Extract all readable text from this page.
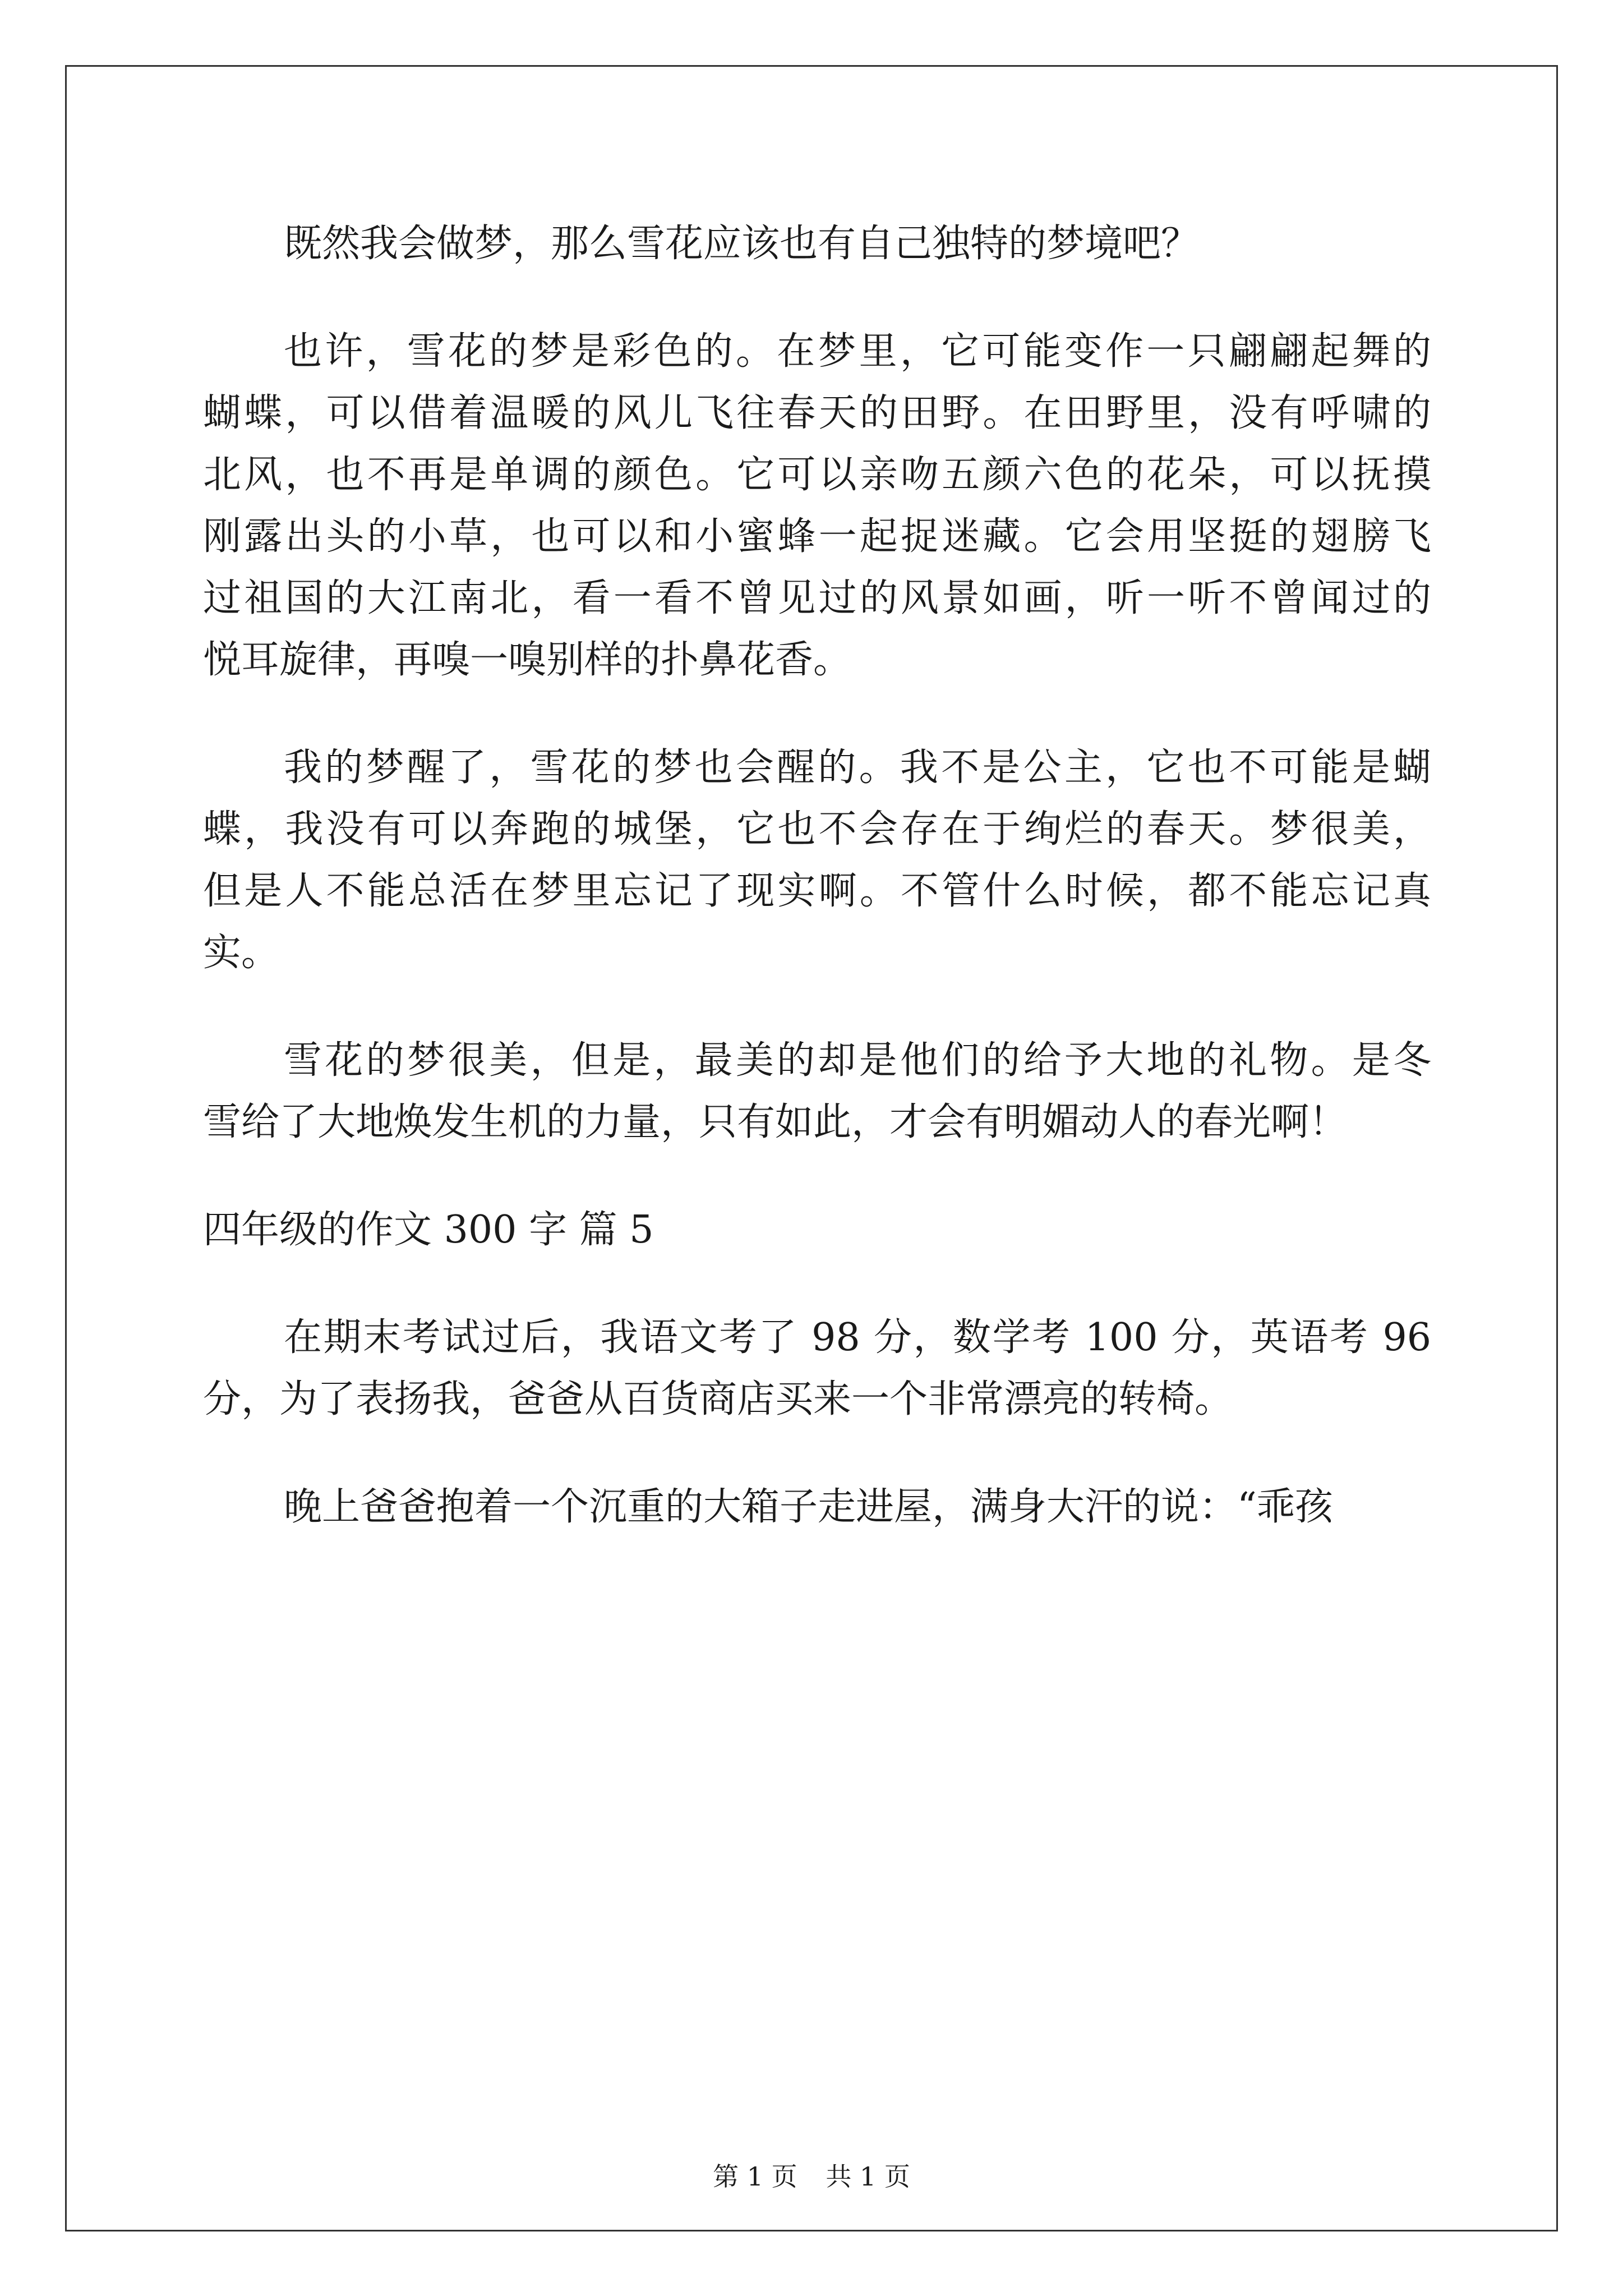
既然我会做梦，那么雪花应该也有自己独特的梦境吧？

也许，雪花的梦是彩色的。在梦里，它可能变作一只翩翩起舞的

蝴蝶，可以借着温暖的风儿飞往春天的田野。在田野里，没有呼啸的

北风，也不再是单调的颜色。它可以亲吻五颜六色的花朵，可以抚摸

刚露出头的小草，也可以和小蜜蜂一起捉迷藏。它会用坚挺的翅膀飞

过祖国的大江南北，看一看不曾见过的风景如画，听一听不曾闻过的

悦耳旋律，再嗅一嗅别样的扑鼻花香。

我的梦醒了，雪花的梦也会醒的。我不是公主，它也不可能是蝴

蝶，我没有可以奔跑的城堡，它也不会存在于绚烂的春天。梦很美，

但是人不能总活在梦里忘记了现实啊。不管什么时候，都不能忘记真

实。

雪花的梦很美，但是，最美的却是他们的给予大地的礼物。是冬

雪给了大地焕发生机的力量，只有如此，才会有明媚动人的春光啊！

四年级的作文 300 字 篇 5

在期末考试过后，我语文考了 98 分，数学考 100 分，英语考 96

分，为了表扬我，爸爸从百货商店买来一个非常漂亮的转椅。

晚上爸爸抱着一个沉重的大箱子走进屋，满身大汗的说：“乖孩

第 1 页 共 1 页
